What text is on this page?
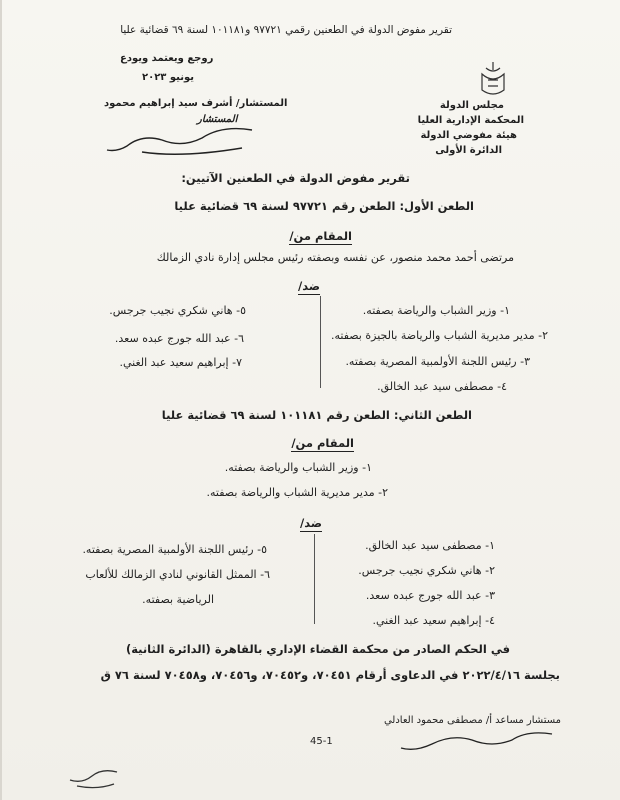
تقرير مفوض الدولة في الطعنين رقمي ٩٧٧٢١ و١٠١١٨١ لسنة ٦٩ قضائية عليا
مجلس الدولة
المحكمة الإدارية العليا
هيئة مفوضي الدولة
الدائرة الأولى
روجع ويعتمد ويودع
يونيو ٢٠٢٣
المستشار/ أشرف سيد إبراهيم محمود
المستشار
تقرير مفوض الدولة في الطعنين الآتيين:
الطعن الأول: الطعن رقم ٩٧٧٢١ لسنة ٦٩ قضائية عليا
المقام من/
مرتضى أحمد محمد منصور، عن نفسه وبصفته رئيس مجلس إدارة نادي الزمالك
ضد/
١- وزير الشباب والرياضة بصفته.
٢- مدير مديرية الشباب والرياضة بالجيزة بصفته.
٣- رئيس اللجنة الأولمبية المصرية بصفته.
٤- مصطفى سيد عبد الخالق.
٥- هاني شكري نجيب جرجس.
٦- عبد الله جورج عبده سعد.
٧- إبراهيم سعيد عبد الغني.
الطعن الثاني: الطعن رقم ١٠١١٨١ لسنة ٦٩ قضائية عليا
المقام من/
١- وزير الشباب والرياضة بصفته.
٢- مدير مديرية الشباب والرياضة بصفته.
ضد/
١- مصطفى سيد عبد الخالق.
٢- هاني شكري نجيب جرجس.
٣- عبد الله جورج عبده سعد.
٤- إبراهيم سعيد عبد الغني.
٥- رئيس اللجنة الأولمبية المصرية بصفته.
٦- الممثل القانوني لنادي الزمالك للألعاب
الرياضية بصفته.
في الحكم الصادر من محكمة القضاء الإداري بالقاهرة (الدائرة الثانية)
بجلسة ٢٠٢٢/٤/١٦ في الدعاوى أرقام ٧٠٤٥١، و٧٠٤٥٢، و٧٠٤٥٦، و٧٠٤٥٨ لسنة ٧٦ ق
مستشار مساعد أ/ مصطفى محمود العادلي
45-1
